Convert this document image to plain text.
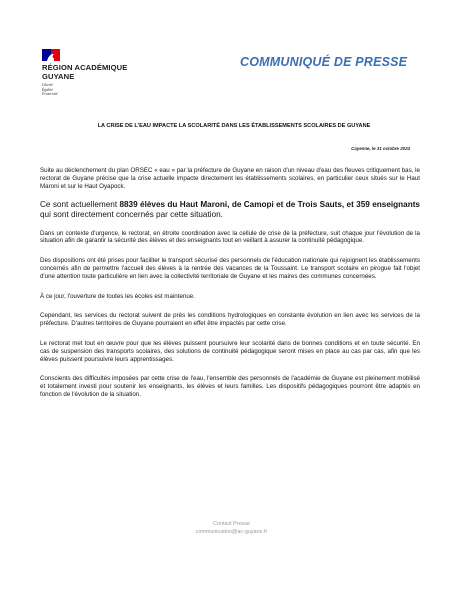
RÉGION ACADÉMIQUE
GUYANE
Liberté
Égalité
Fraternité
COMMUNIQUÉ DE PRESSE
LA CRISE DE L'EAU IMPACTE LA SCOLARITÉ DANS LES ÉTABLISSEMENTS SCOLAIRES DE GUYANE
Cayenne, le 31 octobre 2024

Suite au déclenchement du plan ORSEC « eau » par la préfecture de Guyane en raison d'un niveau d'eau des fleuves critiquement bas, le rectorat de Guyane précise que la crise actuelle impacte directement les établissements scolaires, en particulier ceux situés sur le Haut Maroni et sur le Haut Oyapock.

Ce sont actuellement 8839 élèves du Haut Maroni, de Camopi et de Trois Sauts, et 359 enseignants qui sont directement concernés par cette situation.

Dans un contexte d'urgence, le rectorat, en étroite coordination avec la cellule de crise de la préfecture, suit chaque jour l'évolution de la situation afin de garantir la sécurité des élèves et des enseignants tout en veillant à assurer la continuité pédagogique.

Des dispositions ont été prises pour faciliter le transport sécurisé des personnels de l'éducation nationale qui rejoignent les établissements concernés afin de permettre l'accueil des élèves à la rentrée des vacances de la Toussaint. Le transport scolaire en pirogue fait l'objet d'une attention toute particulière en lien avec la collectivité territoriale de Guyane et les maires des communes concernées.

À ce jour, l'ouverture de toutes les écoles est maintenue.

Cependant, les services du rectorat suivent de près les conditions hydrologiques en constante évolution en lien avec les services de la préfecture. D'autres territoires de Guyane pourraient en effet être impactés par cette crise.

Le rectorat met tout en œuvre pour que les élèves puissent poursuivre leur scolarité dans de bonnes conditions et en toute sécurité. En cas de suspension des transports scolaires, des solutions de continuité pédagogique seront mises en place au cas par cas, afin que les élèves puissent poursuivre leurs apprentissages.

Conscients des difficultés imposées par cette crise de l'eau, l'ensemble des personnels de l'académie de Guyane est pleinement mobilisé et totalement investi pour soutenir les enseignants, les élèves et leurs familles. Les dispositifs pédagogiques pourront être adaptés en fonction de l'évolution de la situation.

Contact Presse
communication@ac-guyane.fr
